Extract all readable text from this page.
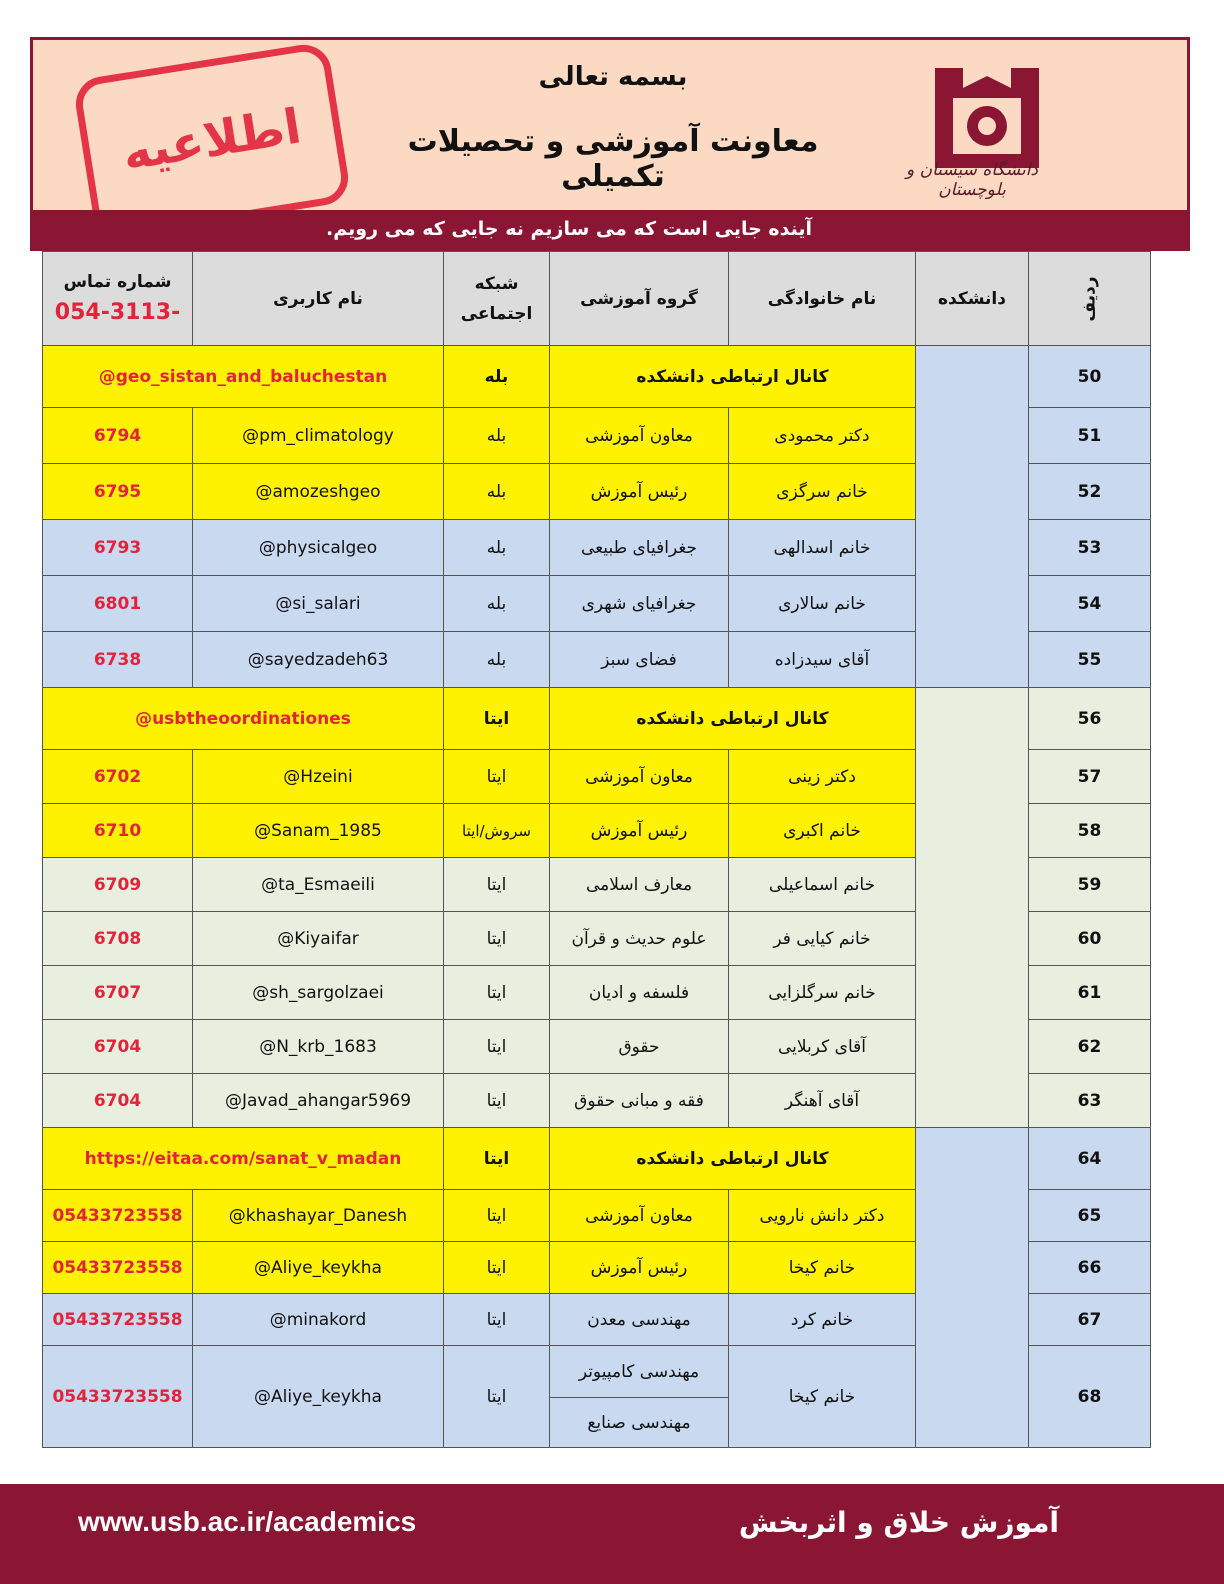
اطلاعیه
بسمه تعالی
معاونت آموزشی و تحصیلات تکمیلی	دانشگاه سیستان و بلوچستان
آینده جایی است که می سازیم نه جایی که می رویم.
شماره تماس
054-3113-	نام کاربری	شبکه اجتماعی	گروه آموزشی	نام خانوادگی	دانشکده	ردیف
@geo_sistan_and_baluchestan		بله	کانال ارتباطی دانشکده			50
6794	@pm_climatology	بله	معاون آموزشی	دکتر محمودی		51
6795	@amozeshgeo	بله	رئیس آموزش	خانم سرگزی		52
6793	@physicalgeo	بله	جغرافیای طبیعی	خانم اسدالهی		53
6801	@si_salari	بله	جغرافیای شهری	خانم سالاری		54
6738	@sayedzadeh63	بله	فضای سبز	آقای سیدزاده		55
@usbtheoordinationes		ایتا	کانال ارتباطی دانشکده			56
6702	@Hzeini	ایتا	معاون آموزشی	دکتر زینی		57
6710	@Sanam_1985	سروش/ایتا	رئیس آموزش	خانم اکبری		58
6709	@ta_Esmaeili	ایتا	معارف اسلامی	خانم اسماعیلی		59
6708	@Kiyaifar	ایتا	علوم حدیث و قرآن	خانم کیایی فر		60
6707	@sh_sargolzaei	ایتا	فلسفه و ادیان	خانم سرگلزایی		61
6704	@N_krb_1683	ایتا	حقوق	آقای کربلایی		62
6704	@Javad_ahangar5969	ایتا	فقه و مبانی حقوق	آقای آهنگر		63
https://eitaa.com/sanat_v_madan		ایتا	کانال ارتباطی دانشکده			64
05433723558	@khashayar_Danesh	ایتا	معاون آموزشی	دکتر دانش نارویی		65
05433723558	@Aliye_keykha	ایتا	رئیس آموزش	خانم کیخا		66
05433723558	@minakord	ایتا	مهندسی معدن	خانم کرد		67
05433723558	@Aliye_keykha	ایتا	مهندسی کامپیوتر	خانم کیخا		68
			مهندسی صنایع			
www.usb.ac.ir/academics	آموزش خلاق و اثربخش
